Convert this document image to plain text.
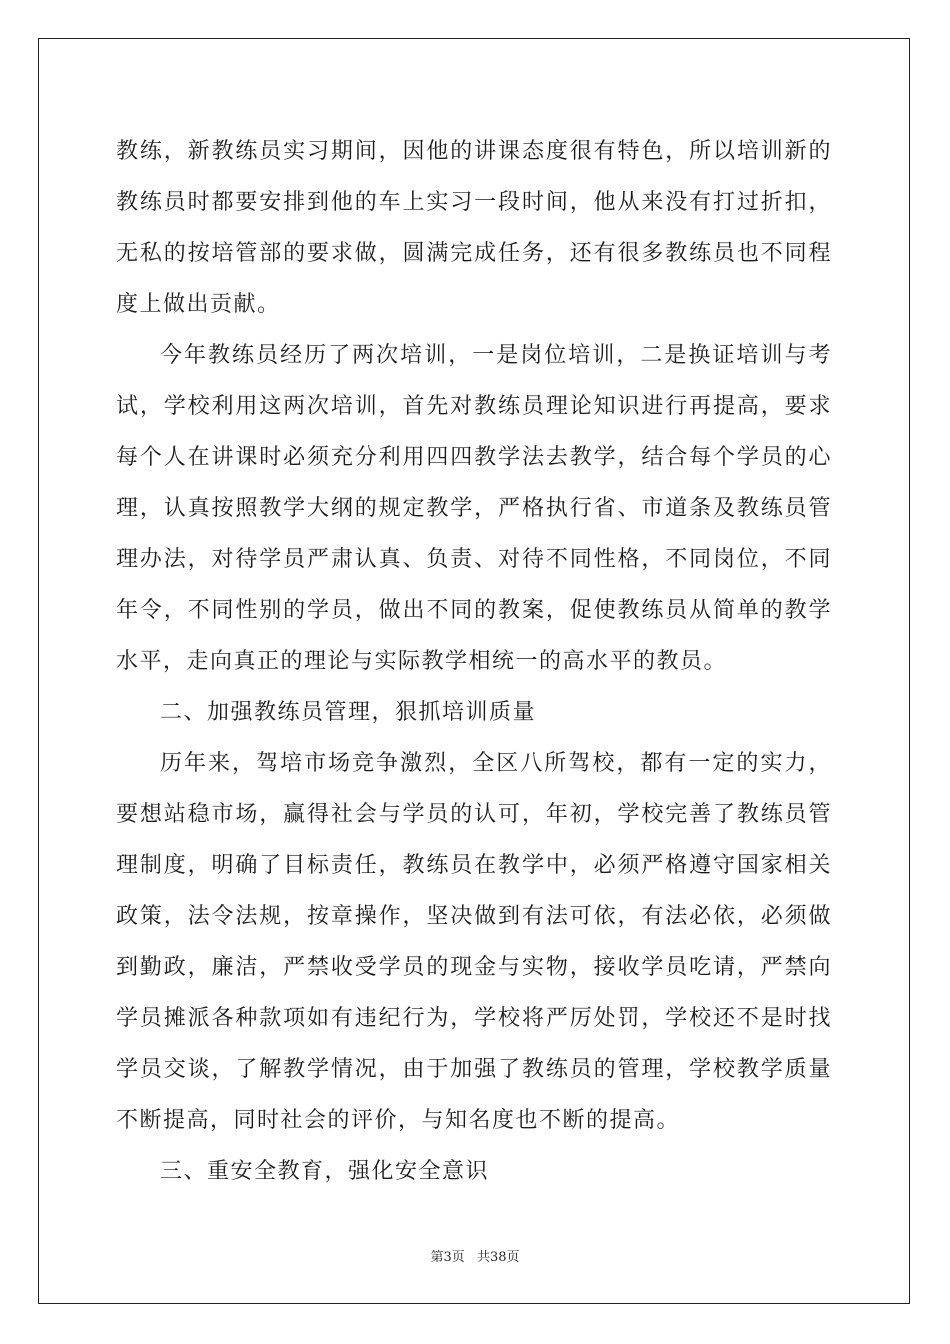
教练，新教练员实习期间，因他的讲课态度很有特色，所以培训新的教练员时都要安排到他的车上实习一段时间，他从来没有打过折扣，无私的按培管部的要求做，圆满完成任务，还有很多教练员也不同程度上做出贡献。

今年教练员经历了两次培训，一是岗位培训，二是换证培训与考试，学校利用这两次培训，首先对教练员理论知识进行再提高，要求每个人在讲课时必须充分利用四四教学法去教学，结合每个学员的心理，认真按照教学大纲的规定教学，严格执行省、市道条及教练员管理办法，对待学员严肃认真、负责、对待不同性格，不同岗位，不同年令，不同性别的学员，做出不同的教案，促使教练员从简单的教学水平，走向真正的理论与实际教学相统一的高水平的教员。

二、加强教练员管理，狠抓培训质量

历年来，驾培市场竞争激烈，全区八所驾校，都有一定的实力，要想站稳市场，赢得社会与学员的认可，年初，学校完善了教练员管理制度，明确了目标责任，教练员在教学中，必须严格遵守国家相关政策，法令法规，按章操作，坚决做到有法可依，有法必依，必须做到勤政，廉洁，严禁收受学员的现金与实物，接收学员吃请，严禁向学员摊派各种款项如有违纪行为，学校将严厉处罚，学校还不是时找学员交谈，了解教学情况，由于加强了教练员的管理，学校教学质量不断提高，同时社会的评价，与知名度也不断的提高。

三、重安全教育，强化安全意识

第3页 共38页
